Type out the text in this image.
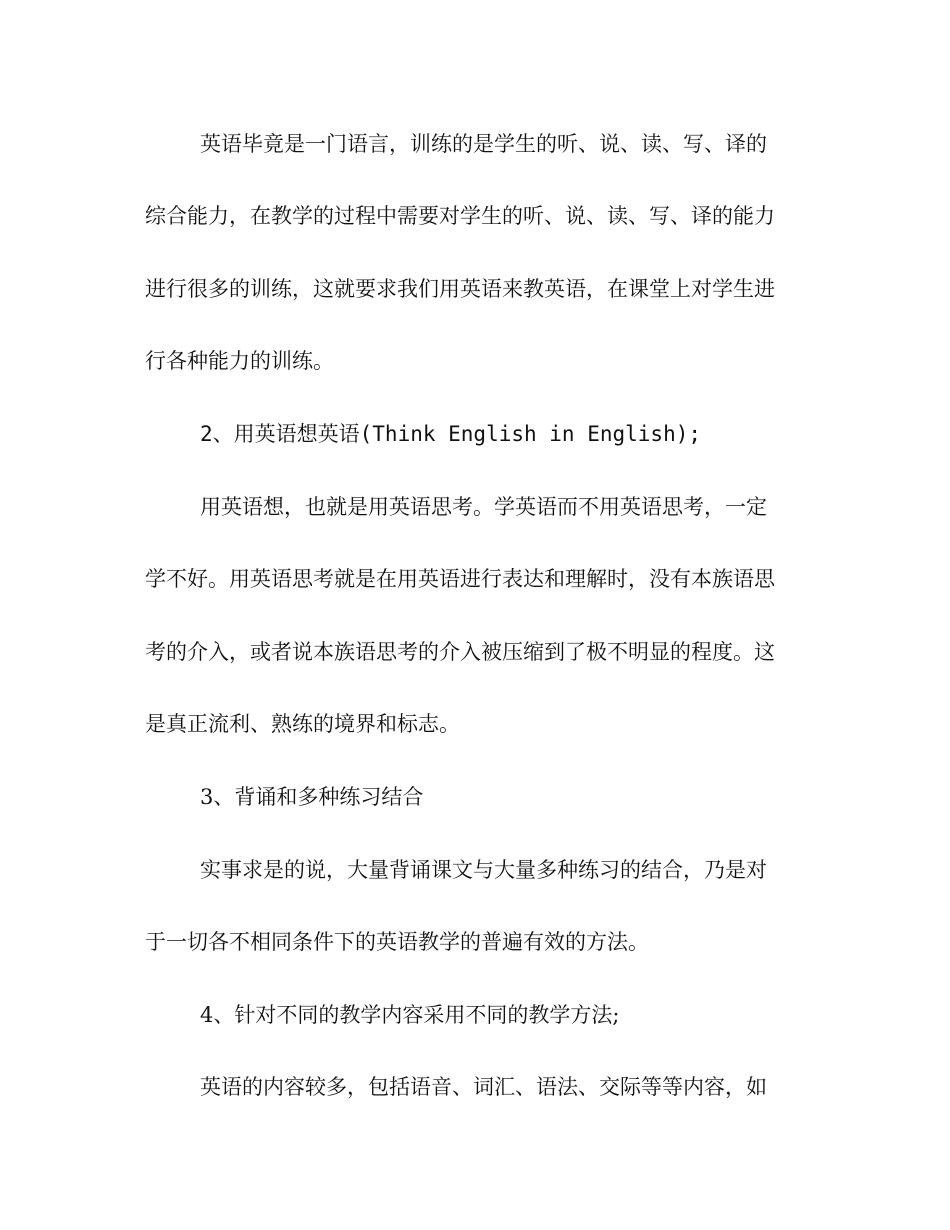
英语毕竟是一门语言，训练的是学生的听、说、读、写、译的
综合能力，在教学的过程中需要对学生的听、说、读、写、译的能力
进行很多的训练，这就要求我们用英语来教英语，在课堂上对学生进
行各种能力的训练。
2、用英语想英语(Think English in English);
用英语想，也就是用英语思考。学英语而不用英语思考，一定
学不好。用英语思考就是在用英语进行表达和理解时，没有本族语思
考的介入，或者说本族语思考的介入被压缩到了极不明显的程度。这
是真正流利、熟练的境界和标志。
3、背诵和多种练习结合
实事求是的说，大量背诵课文与大量多种练习的结合，乃是对
于一切各不相同条件下的英语教学的普遍有效的方法。
4、针对不同的教学内容采用不同的教学方法;
英语的内容较多，包括语音、词汇、语法、交际等等内容，如
